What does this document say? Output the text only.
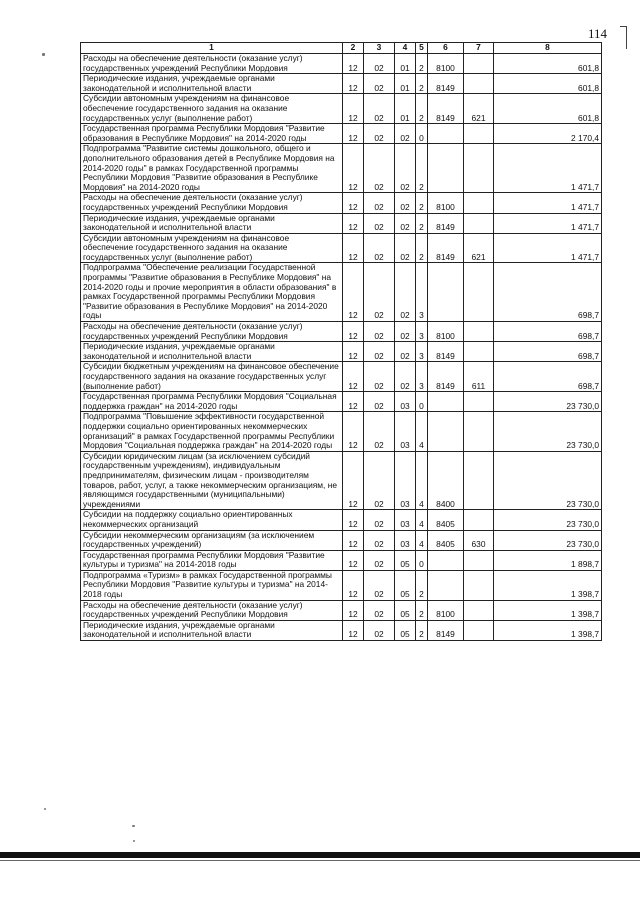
114
1	2	3	4	5	6	7	8
Расходы на обеспечение деятельности (оказание услуг) государственных учреждений Республики Мордовия	12	02	01	2	8100		601,8
Периодические издания, учреждаемые органами законодательной и исполнительной власти	12	02	01	2	8149		601,8
Субсидии автономным учреждениям на финансовое обеспечение государственного задания на оказание государственных услуг (выполнение работ)	12	02	01	2	8149	621	601,8
Государственная программа Республики Мордовия "Развитие образования в Республике Мордовия" на 2014-2020 годы	12	02	02	0			2 170,4
Подпрограмма "Развитие системы дошкольного, общего и дополнительного образования детей в Республике Мордовия на 2014-2020 годы" в рамках Государственной программы Республики Мордовия "Развитие образования в Республике Мордовия" на 2014-2020 годы	12	02	02	2			1 471,7
Расходы на обеспечение деятельности (оказание услуг) государственных учреждений Республики Мордовия	12	02	02	2	8100		1 471,7
Периодические издания, учреждаемые органами законодательной и исполнительной власти	12	02	02	2	8149		1 471,7
Субсидии автономным учреждениям на финансовое обеспечение государственного задания на оказание государственных услуг (выполнение работ)	12	02	02	2	8149	621	1 471,7
Подпрограмма "Обеспечение реализации Государственной программы "Развитие образования в Республике Мордовия" на 2014-2020 годы и прочие мероприятия в области образования" в рамках Государственной программы Республики Мордовия "Развитие образования в Республике Мордовия" на 2014-2020 годы	12	02	02	3			698,7
Расходы на обеспечение деятельности (оказание услуг) государственных учреждений Республики Мордовия	12	02	02	3	8100		698,7
Периодические издания, учреждаемые органами законодательной и исполнительной власти	12	02	02	3	8149		698,7
Субсидии бюджетным учреждениям на финансовое обеспечение государственного задания на оказание государственных услуг (выполнение работ)	12	02	02	3	8149	611	698,7
Государственная программа Республики Мордовия "Социальная поддержка граждан" на 2014-2020 годы	12	02	03	0			23 730,0
Подпрограмма "Повышение эффективности государственной поддержки социально ориентированных некоммерческих организаций" в рамках Государственной программы Республики Мордовия "Социальная поддержка граждан" на 2014-2020 годы	12	02	03	4			23 730,0
Субсидии юридическим лицам (за исключением субсидий государственным учреждениям), индивидуальным предпринимателям, физическим лицам - производителям товаров, работ, услуг, а также некоммерческим организациям, не являющимся государственными (муниципальными) учреждениями	12	02	03	4	8400		23 730,0
Субсидии на поддержку социально ориентированных некоммерческих организаций	12	02	03	4	8405		23 730,0
Субсидии некоммерческим организациям (за исключением государственных учреждений)	12	02	03	4	8405	630	23 730,0
Государственная программа Республики Мордовия "Развитие культуры и туризма" на 2014-2018 годы	12	02	05	0			1 898,7
Подпрограмма «Туризм» в рамках Государственной программы Республики Мордовия "Развитие культуры и туризма" на 2014-2018 годы	12	02	05	2			1 398,7
Расходы на обеспечение деятельности (оказание услуг) государственных учреждений Республики Мордовия	12	02	05	2	8100		1 398,7
Периодические издания, учреждаемые органами законодательной и исполнительной власти	12	02	05	2	8149		1 398,7
